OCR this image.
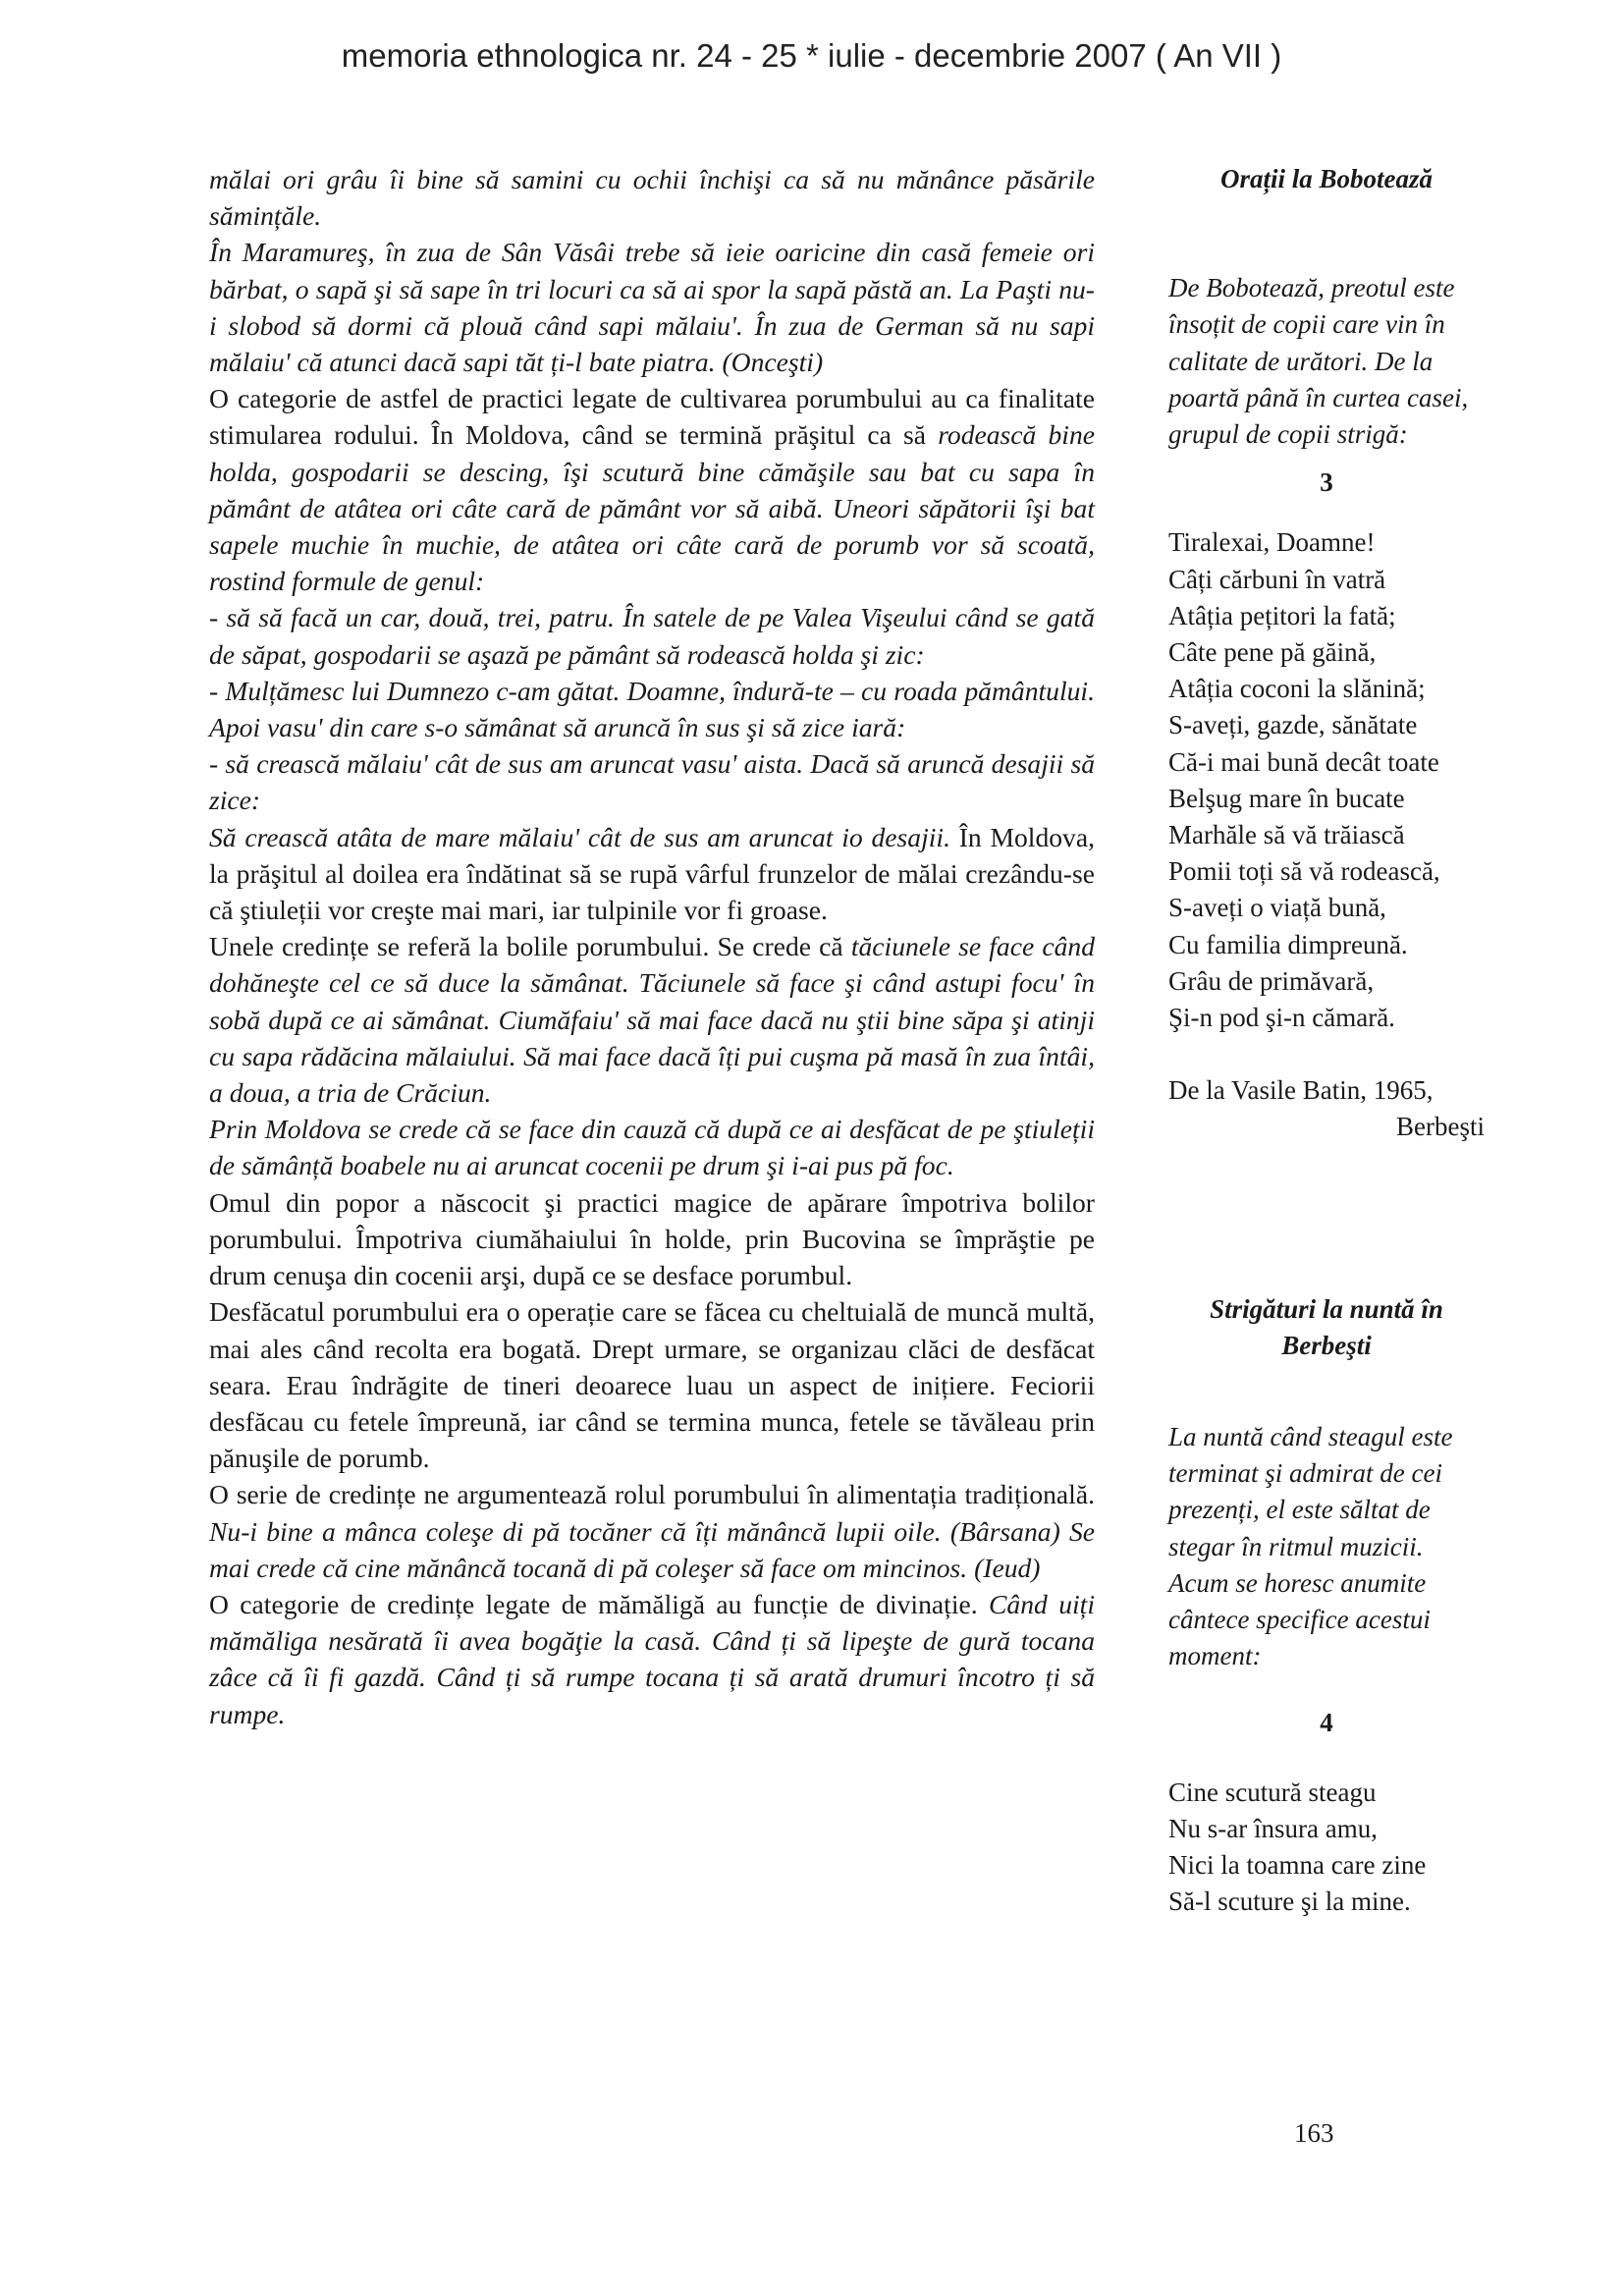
memoria ethnologica nr. 24 - 25 * iulie - decembrie 2007 ( An VII )

mălai ori grâu îi bine să samini cu ochii închişi ca să nu mănânce păsările sămințăle.

În Maramureş, în zua de Sân Văsâi trebe să ieie oaricine din casă femeie ori bărbat, o sapă şi să sape în tri locuri ca să ai spor la sapă păstă an. La Paşti nu-i slobod să dormi că plouă când sapi mălaiu'. În zua de German să nu sapi mălaiu' că atunci dacă sapi tăt ți-l bate piatra. (Onceşti)

O categorie de astfel de practici legate de cultivarea porumbului au ca finalitate stimularea rodului. În Moldova, când se termină prăşitul ca să rodească bine holda, gospodarii se descing, îşi scutură bine cămăşile sau bat cu sapa în pământ de atâtea ori câte cară de pământ vor să aibă. Uneori săpătorii îşi bat sapele muchie în muchie, de atâtea ori câte cară de porumb vor să scoată, rostind formule de genul:

- să să facă un car, două, trei, patru. În satele de pe Valea Vişeului când se gată de săpat, gospodarii se aşază pe pământ să rodească holda şi zic:

- Mulțămesc lui Dumnezo c-am gătat. Doamne, îndură-te – cu roada pământului. Apoi vasu' din care s-o sămânat să aruncă în sus şi să zice iară:

- să crească mălaiu' cât de sus am aruncat vasu' aista. Dacă să aruncă desajii să zice:

Să crească atâta de mare mălaiu' cât de sus am aruncat io desajii. În Moldova, la prăşitul al doilea era îndătinat să se rupă vârful frunzelor de mălai crezându-se că ştiuleții vor creşte mai mari, iar tulpinile vor fi groase.

Unele credințe se referă la bolile porumbului. Se crede că tăciunele se face când dohăneşte cel ce să duce la sămânat. Tăciunele să face şi când astupi focu' în sobă după ce ai sămânat. Ciumăfaiu' să mai face dacă nu ştii bine săpa şi atinji cu sapa rădăcina mălaiului. Să mai face dacă îți pui cuşma pă masă în zua întâi, a doua, a tria de Crăciun.

Prin Moldova se crede că se face din cauză că după ce ai desfăcat de pe ştiuleții de sămânță boabele nu ai aruncat cocenii pe drum şi i-ai pus pă foc.

Omul din popor a născocit şi practici magice de apărare împotriva bolilor porumbului. Împotriva ciumăhaiului în holde, prin Bucovina se împrăştie pe drum cenuşa din cocenii arşi, după ce se desface porumbul.

Desfăcatul porumbului era o operație care se făcea cu cheltuială de muncă multă, mai ales când recolta era bogată. Drept urmare, se organizau clăci de desfăcat seara. Erau îndrăgite de tineri deoarece luau un aspect de inițiere. Feciorii desfăcau cu fetele împreună, iar când se termina munca, fetele se tăvăleau prin pănuşile de porumb.

O serie de credințe ne argumentează rolul porumbului în alimentația tradițională. Nu-i bine a mânca coleşe di pă tocăner că îți mănâncă lupii oile. (Bârsana) Se mai crede că cine mănâncă tocană di pă coleşer să face om mincinos. (Ieud)

O categorie de credințe legate de mămăligă au funcție de divinație. Când uiți mămăliga nesărată îi avea bogăţie la casă. Când ți să lipeşte de gură tocana zâce că îi fi gazdă. Când ți să rumpe tocana ți să arată drumuri încotro ți să rumpe.

Orații la Bobotează

De Bobotează, preotul este însoțit de copii care vin în calitate de urători. De la poartă până în curtea casei, grupul de copii strigă:

3

Tiralexai, Doamne!

Câți cărbuni în vatră

Atâția pețitori la fată;

Câte pene pă găină,

Atâția coconi la slănină;

S-aveți, gazde, sănătate

Că-i mai bună decât toate

Belşug mare în bucate

Marhăle să vă trăiască

Pomii toți să vă rodească,

S-aveți o viață bună,

Cu familia dimpreună.

Grâu de primăvară,

Şi-n pod şi-n cămară.

De la Vasile Batin, 1965,

Berbeşti

Strigături la nuntă în

Berbeşti

La nuntă când steagul este terminat şi admirat de cei prezenți, el este săltat de stegar în ritmul muzicii. Acum se horesc anumite cântece specifice acestui moment:

4

Cine scutură steagu

Nu s-ar însura amu,

Nici la toamna care zine

Să-l scuture şi la mine.

163
